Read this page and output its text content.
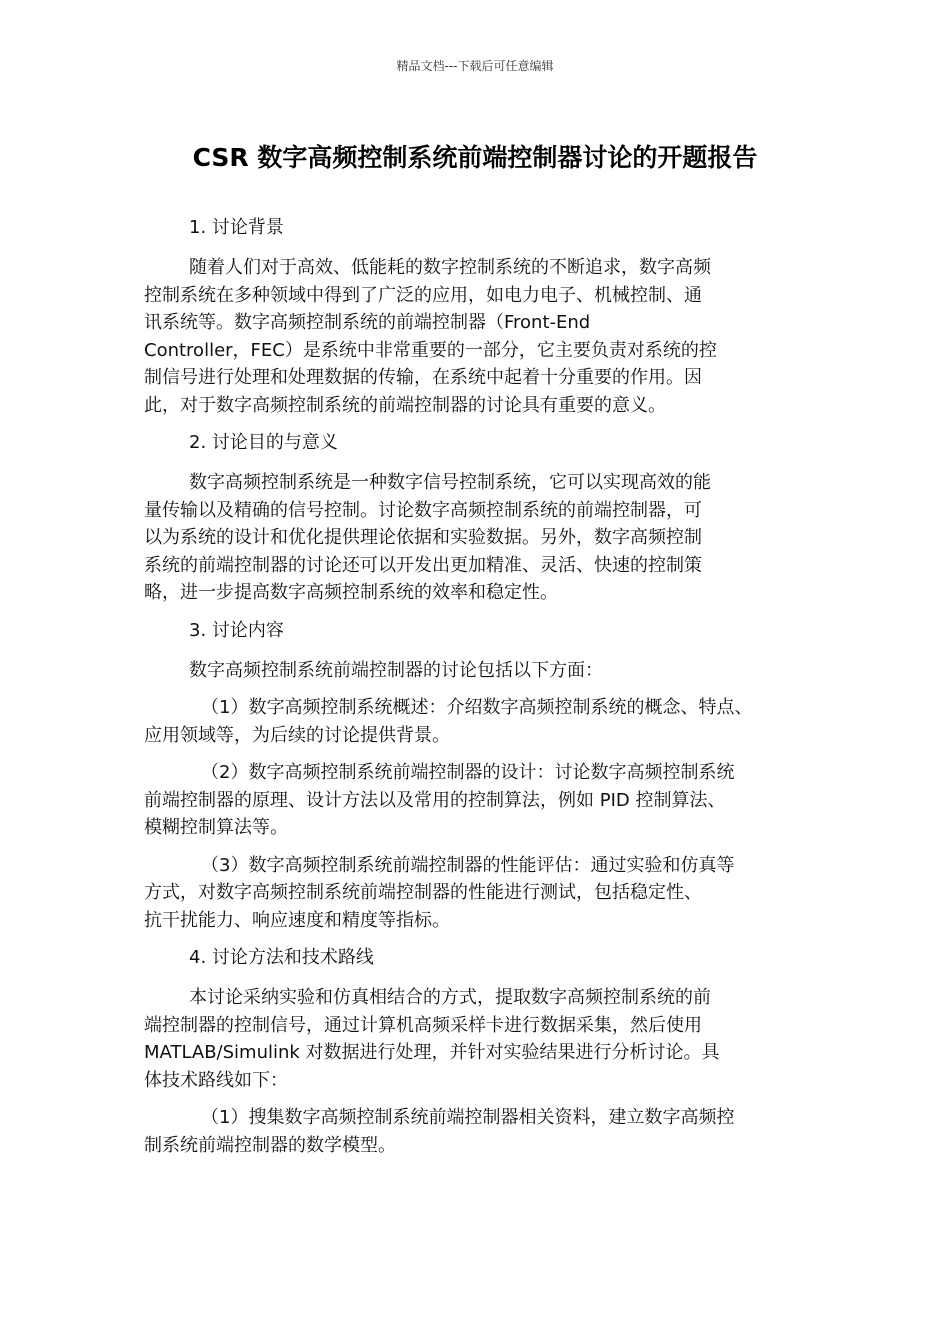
精品文档---下载后可任意编辑
CSR 数字高频控制系统前端控制器讨论的开题报告
1. 讨论背景
随着人们对于高效、低能耗的数字控制系统的不断追求，数字高频
控制系统在多种领域中得到了广泛的应用，如电力电子、机械控制、通
讯系统等。数字高频控制系统的前端控制器（Front-End
Controller，FEC）是系统中非常重要的一部分，它主要负责对系统的控
制信号进行处理和处理数据的传输，在系统中起着十分重要的作用。因
此，对于数字高频控制系统的前端控制器的讨论具有重要的意义。
2. 讨论目的与意义
数字高频控制系统是一种数字信号控制系统，它可以实现高效的能
量传输以及精确的信号控制。讨论数字高频控制系统的前端控制器，可
以为系统的设计和优化提供理论依据和实验数据。另外，数字高频控制
系统的前端控制器的讨论还可以开发出更加精准、灵活、快速的控制策
略，进一步提高数字高频控制系统的效率和稳定性。
3. 讨论内容
数字高频控制系统前端控制器的讨论包括以下方面：
（1）数字高频控制系统概述：介绍数字高频控制系统的概念、特点、
应用领域等，为后续的讨论提供背景。
（2）数字高频控制系统前端控制器的设计：讨论数字高频控制系统
前端控制器的原理、设计方法以及常用的控制算法，例如 PID 控制算法、
模糊控制算法等。
（3）数字高频控制系统前端控制器的性能评估：通过实验和仿真等
方式，对数字高频控制系统前端控制器的性能进行测试，包括稳定性、
抗干扰能力、响应速度和精度等指标。
4. 讨论方法和技术路线
本讨论采纳实验和仿真相结合的方式，提取数字高频控制系统的前
端控制器的控制信号，通过计算机高频采样卡进行数据采集，然后使用
MATLAB/Simulink 对数据进行处理，并针对实验结果进行分析讨论。具
体技术路线如下：
（1）搜集数字高频控制系统前端控制器相关资料，建立数字高频控
制系统前端控制器的数学模型。
